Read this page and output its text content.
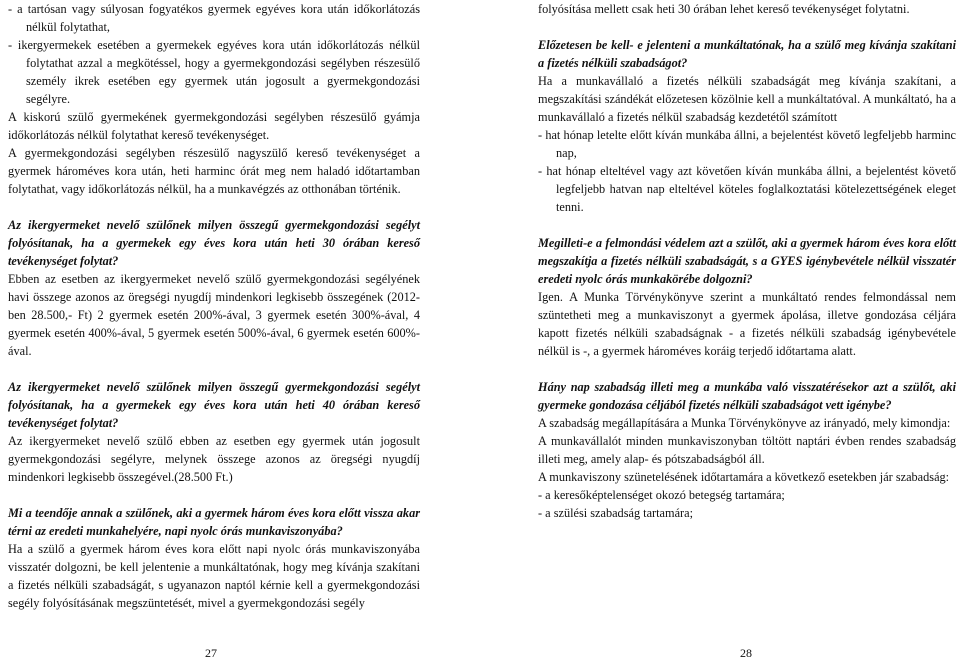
- a tartósan vagy súlyosan fogyatékos gyermek egyéves kora után időkorlátozás nélkül folytathat,

- ikergyermekek esetében a gyermekek egyéves kora után időkorlátozás nélkül folytathat azzal a megkötéssel, hogy a gyermekgondozási segélyben részesülő személy ikrek esetében egy gyermek után jogosult a gyermekgondozási segélyre.

A kiskorú szülő gyermekének gyermekgondozási segélyben részesülő gyámja időkorlátozás nélkül folytathat kereső tevékenységet.

A gyermekgondozási segélyben részesülő nagyszülő kereső tevékenységet a gyermek hároméves kora után, heti harminc órát meg nem haladó időtartamban folytathat, vagy időkorlátozás nélkül, ha a munkavégzés az otthonában történik.

Az ikergyermeket nevelő szülőnek milyen összegű gyermekgondozási segélyt folyósítanak, ha a gyermekek egy éves kora után heti 30 órában kereső tevékenységet folytat?

Ebben az esetben az ikergyermeket nevelő szülő gyermekgondozási segélyének havi összege azonos az öregségi nyugdíj mindenkori legkisebb összegének (2012-ben 28.500,- Ft) 2 gyermek esetén 200%-ával, 3 gyermek esetén 300%-ával, 4 gyermek esetén 400%-ával, 5 gyermek esetén 500%-ával, 6 gyermek esetén 600%-ával.

Az ikergyermeket nevelő szülőnek milyen összegű gyermekgondozási segélyt folyósítanak, ha a gyermekek egy éves kora után heti 40 órában kereső tevékenységet folytat?

Az ikergyermeket nevelő szülő ebben az esetben egy gyermek után jogosult gyermekgondozási segélyre, melynek összege azonos az öregségi nyugdíj mindenkori legkisebb összegével.(28.500 Ft.)

Mi a teendője annak a szülőnek, aki a gyermek három éves kora előtt vissza akar térni az eredeti munkahelyére, napi nyolc órás munkaviszonyába?

Ha a szülő a gyermek három éves kora előtt napi nyolc órás munkaviszonyába visszatér dolgozni, be kell jelentenie a munkáltatónak, hogy meg kívánja szakítani a fizetés nélküli szabadságát, s ugyanazon naptól kérnie kell a gyermekgondozási segély folyósításának megszüntetését, mivel a gyermekgondozási segély

folyósítása mellett csak heti 30 órában lehet kereső tevékenységet folytatni.

Előzetesen be kell- e jelenteni a munkáltatónak, ha a szülő meg kívánja szakítani a fizetés nélküli szabadságot?

Ha a munkavállaló a fizetés nélküli szabadságát meg kívánja szakítani, a megszakítási szándékát előzetesen közölnie kell a munkáltatóval. A munkáltató, ha a munkavállaló a fizetés nélkül szabadság kezdetétől számított

- hat hónap letelte előtt kíván munkába állni, a bejelentést követő legfeljebb harminc nap,

- hat hónap elteltével vagy azt követően kíván munkába állni, a bejelentést követő legfeljebb hatvan nap elteltével köteles foglalkoztatási kötelezettségének eleget tenni.

Megilleti-e a felmondási védelem azt a szülőt, aki a gyermek három éves kora előtt megszakítja a fizetés nélküli szabadságát, s a GYES igénybevétele nélkül visszatér eredeti nyolc órás munkakörébe dolgozni?

Igen. A Munka Törvénykönyve szerint a munkáltató rendes felmondással nem szüntetheti meg a munkaviszonyt a gyermek ápolása, illetve gondozása céljára kapott fizetés nélküli szabadságnak - a fizetés nélküli szabadság igénybevétele nélkül is -, a gyermek hároméves koráig terjedő időtartama alatt.

Hány nap szabadság illeti meg a munkába való visszatérésekor azt a szülőt, aki gyermeke gondozása céljából fizetés nélküli szabadságot vett igénybe?

A szabadság megállapítására a Munka Törvénykönyve az irányadó, mely kimondja:

A munkavállalót minden munkaviszonyban töltött naptári évben rendes szabadság illeti meg, amely alap- és pótszabadságból áll.

A munkaviszony szünetelésének időtartamára a következő esetekben jár szabadság:

- a keresőképtelenséget okozó betegség tartamára;

- a szülési szabadság tartamára;

27	28
